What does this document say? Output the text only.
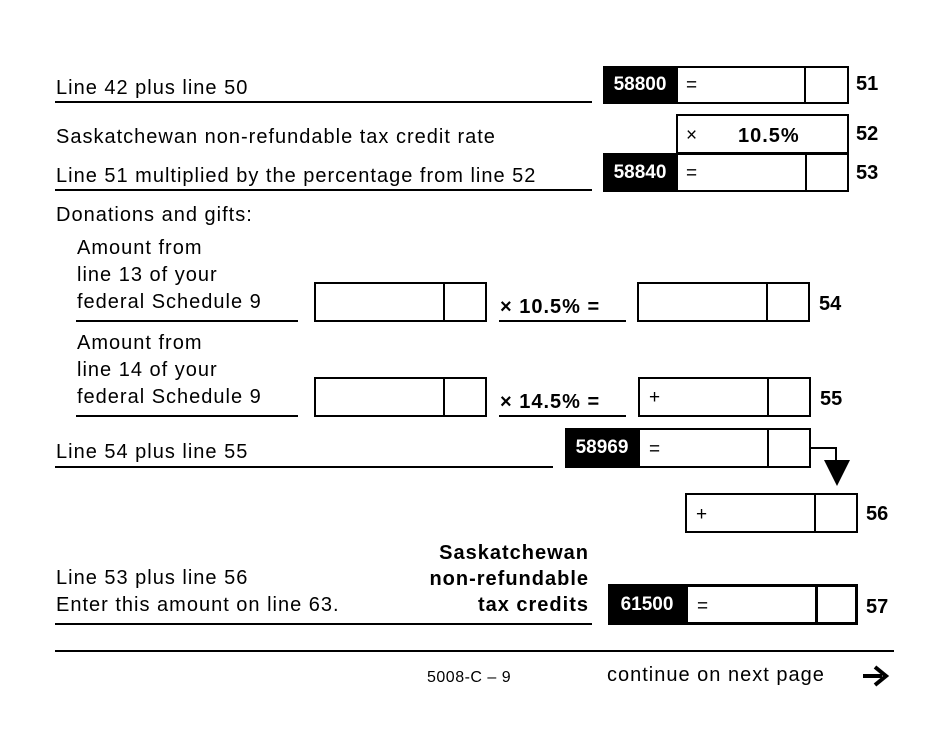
Line 42 plus line 50	58800	=	51
Saskatchewan non-refundable tax credit rate	× 10.5%	52
Line 51 multiplied by the percentage from line 52	58840	=	53
Donations and gifts:
Amount from
line 13 of your
federal Schedule 9	× 10.5% =	54
Amount from
line 14 of your
federal Schedule 9	× 14.5% =	+	55
Line 54 plus line 55	58969	=
+	56
Saskatchewan
non-refundable
tax credits
Line 53 plus line 56
Enter this amount on line 63.	61500	=	57
5008-C – 9	continue on next page
